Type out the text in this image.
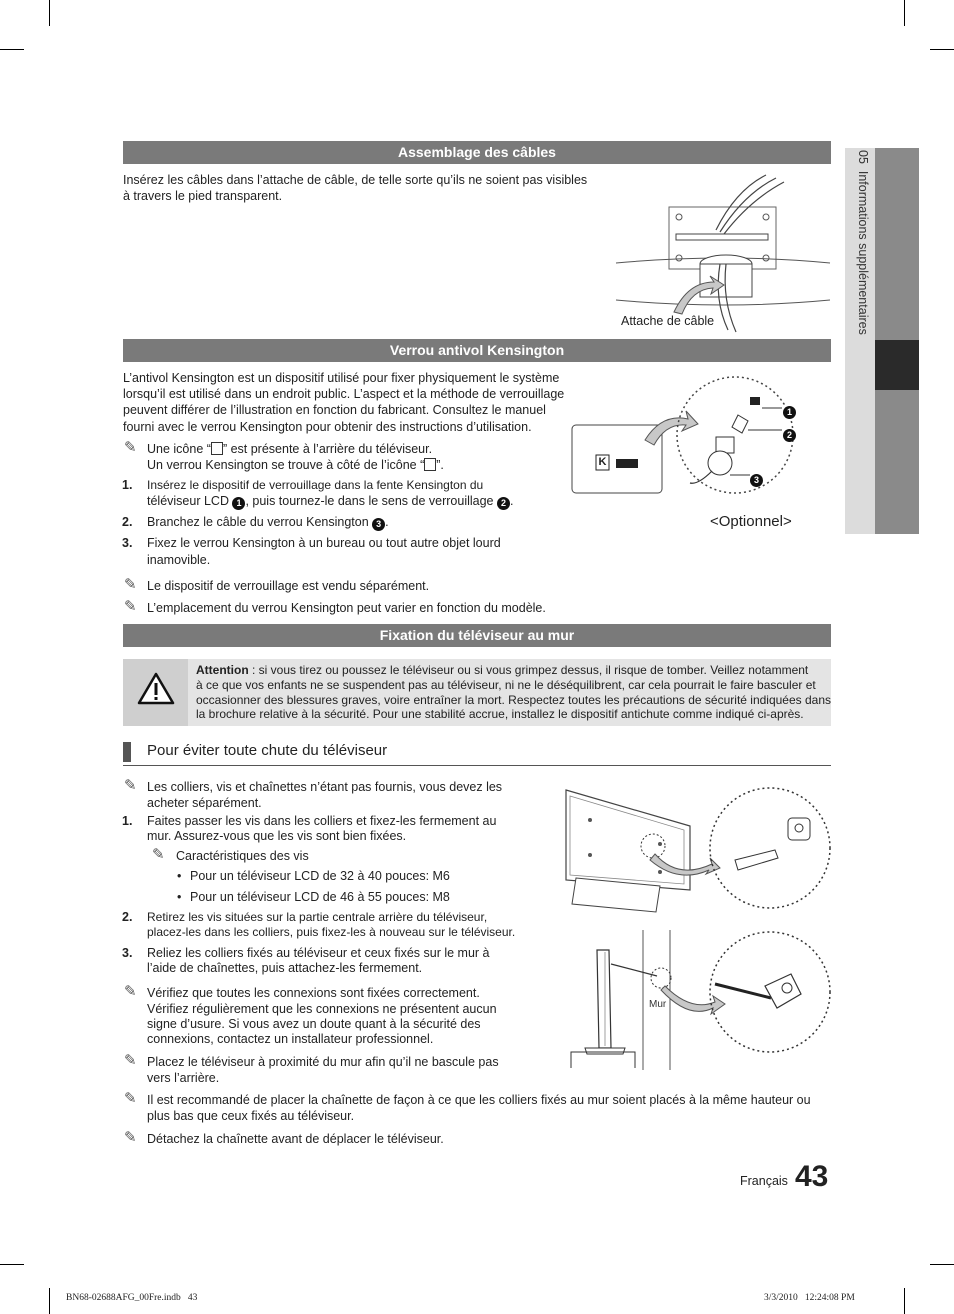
05  Informations supplémentaires
Assemblage des câbles
Insérez les câbles dans l’attache de câble, de telle sorte qu’ils ne soient pas visibles
à travers le pied transparent.
Attache de câble
Verrou antivol Kensington
L’antivol Kensington est un dispositif utilisé pour fixer physiquement le système
lorsqu’il est utilisé dans un endroit public. L’aspect et la méthode de verrouillage
peuvent différer de l’illustration en fonction du fabricant. Consultez le manuel
fourni avec le verrou Kensington pour obtenir des instructions d’utilisation.
✎ Une icône “ ” est présente à l’arrière du téléviseur.
Un verrou Kensington se trouve à côté de l’icône “ ”.
1. Insérez le dispositif de verrouillage dans la fente Kensington du
téléviseur LCD 1 , puis tournez-le dans le sens de verrouillage 2 .
2. Branchez le câble du verrou Kensington 3 .
3. Fixez le verrou Kensington à un bureau ou tout autre objet lourd
inamovible.
✎ Le dispositif de verrouillage est vendu séparément.
✎ L’emplacement du verrou Kensington peut varier en fonction du modèle.
K
1
2
3
<Optionnel>
Fixation du téléviseur au mur
Attention : si vous tirez ou poussez le téléviseur ou si vous grimpez dessus, il risque de tomber. Veillez notamment
à ce que vos enfants ne se suspendent pas au téléviseur, ni ne le déséquilibrent, car cela pourrait le faire basculer et
occasionner des blessures graves, voire entraîner la mort. Respectez toutes les précautions de sécurité indiquées dans
la brochure relative à la sécurité. Pour une stabilité accrue, installez le dispositif antichute comme indiqué ci-après.
Pour éviter toute chute du téléviseur
✎ Les colliers, vis et chaînettes n’étant pas fournis, vous devez les
acheter séparément.
1. Faites passer les vis dans les colliers et fixez-les fermement au
mur. Assurez-vous que les vis sont bien fixées.
✎ Caractéristiques des vis
• Pour un téléviseur LCD de 32 à 40 pouces: M6
• Pour un téléviseur LCD de 46 à 55 pouces: M8
2. Retirez les vis situées sur la partie centrale arrière du téléviseur,
placez-les dans les colliers, puis fixez-les à nouveau sur le téléviseur.
3. Reliez les colliers fixés au téléviseur et ceux fixés sur le mur à
l’aide de chaînettes, puis attachez-les fermement.
✎ Vérifiez que toutes les connexions sont fixées correctement.
Vérifiez régulièrement que les connexions ne présentent aucun
signe d’usure. Si vous avez un doute quant à la sécurité des
connexions, contactez un installateur professionnel.
✎ Placez le téléviseur à proximité du mur afin qu’il ne bascule pas
vers l’arrière.
✎ Il est recommandé de placer la chaînette de façon à ce que les colliers fixés au mur soient placés à la même hauteur ou
plus bas que ceux fixés au téléviseur.
✎ Détachez la chaînette avant de déplacer le téléviseur.
Mur
Français 43
BN68-02688AFG_00Fre.indb   43	3/3/2010   12:24:08 PM
